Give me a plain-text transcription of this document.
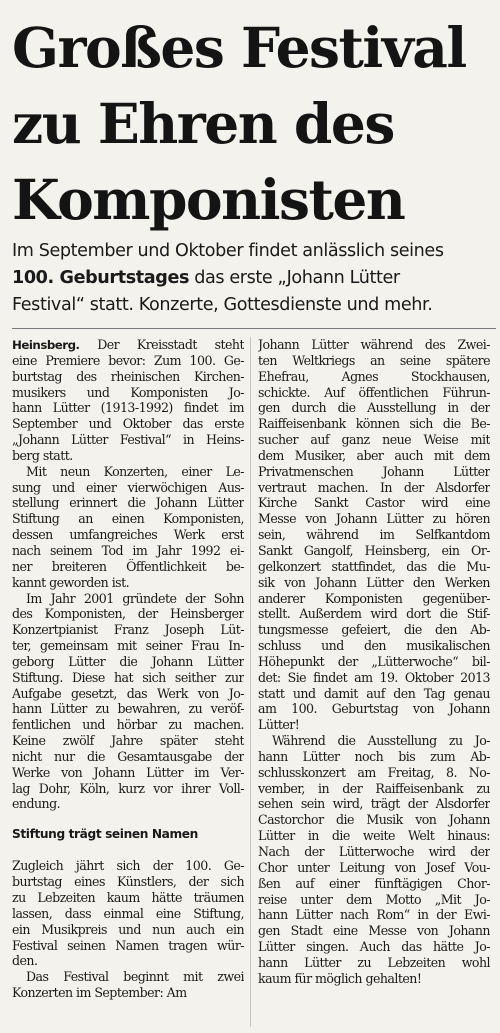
Großes Festival
zu Ehren des
Komponisten
Im September und Oktober findet anlässlich seines
100. Geburtstages das erste „Johann Lütter
Festival“ statt. Konzerte, Gottesdienste und mehr.
Heinsberg. Der Kreisstadt steht
eine Premiere bevor: Zum 100. Ge-
burtstag des rheinischen Kirchen-
musikers und Komponisten Jo-
hann Lütter (1913-1992) findet im
September und Oktober das erste
„Johann Lütter Festival“ in Heins-
berg statt.
Mit neun Konzerten, einer Le-
sung und einer vierwöchigen Aus-
stellung erinnert die Johann Lütter
Stiftung an einen Komponisten,
dessen umfangreiches Werk erst
nach seinem Tod im Jahr 1992 ei-
ner breiteren Öffentlichkeit be-
kannt geworden ist.
Im Jahr 2001 gründete der Sohn
des Komponisten, der Heinsberger
Konzertpianist Franz Joseph Lüt-
ter, gemeinsam mit seiner Frau In-
geborg Lütter die Johann Lütter
Stiftung. Diese hat sich seither zur
Aufgabe gesetzt, das Werk von Jo-
hann Lütter zu bewahren, zu veröf-
fentlichen und hörbar zu machen.
Keine zwölf Jahre später steht
nicht nur die Gesamtausgabe der
Werke von Johann Lütter im Ver-
lag Dohr, Köln, kurz vor ihrer Voll-
endung.
Stiftung trägt seinen Namen
Zugleich jährt sich der 100. Ge-
burtstag eines Künstlers, der sich
zu Lebzeiten kaum hätte träumen
lassen, dass einmal eine Stiftung,
ein Musikpreis und nun auch ein
Festival seinen Namen tragen wür-
den.
Das Festival beginnt mit zwei
Konzerten im September: Am
Johann Lütter während des Zwei-
ten Weltkriegs an seine spätere
Ehefrau, Agnes Stockhausen,
schickte. Auf öffentlichen Führun-
gen durch die Ausstellung in der
Raiffeisenbank können sich die Be-
sucher auf ganz neue Weise mit
dem Musiker, aber auch mit dem
Privatmenschen Johann Lütter
vertraut machen. In der Alsdorfer
Kirche Sankt Castor wird eine
Messe von Johann Lütter zu hören
sein, während im Selfkantdom
Sankt Gangolf, Heinsberg, ein Or-
gelkonzert stattfindet, das die Mu-
sik von Johann Lütter den Werken
anderer Komponisten gegenüber-
stellt. Außerdem wird dort die Stif-
tungsmesse gefeiert, die den Ab-
schluss und den musikalischen
Höhepunkt der „Lütterwoche“ bil-
det: Sie findet am 19. Oktober 2013
statt und damit auf den Tag genau
am 100. Geburtstag von Johann
Lütter!
Während die Ausstellung zu Jo-
hann Lütter noch bis zum Ab-
schlusskonzert am Freitag, 8. No-
vember, in der Raiffeisenbank zu
sehen sein wird, trägt der Alsdorfer
Castorchor die Musik von Johann
Lütter in die weite Welt hinaus:
Nach der Lütterwoche wird der
Chor unter Leitung von Josef Vou-
ßen auf einer fünftägigen Chor-
reise unter dem Motto „Mit Jo-
hann Lütter nach Rom“ in der Ewi-
gen Stadt eine Messe von Johann
Lütter singen. Auch das hätte Jo-
hann Lütter zu Lebzeiten wohl
kaum für möglich gehalten!
